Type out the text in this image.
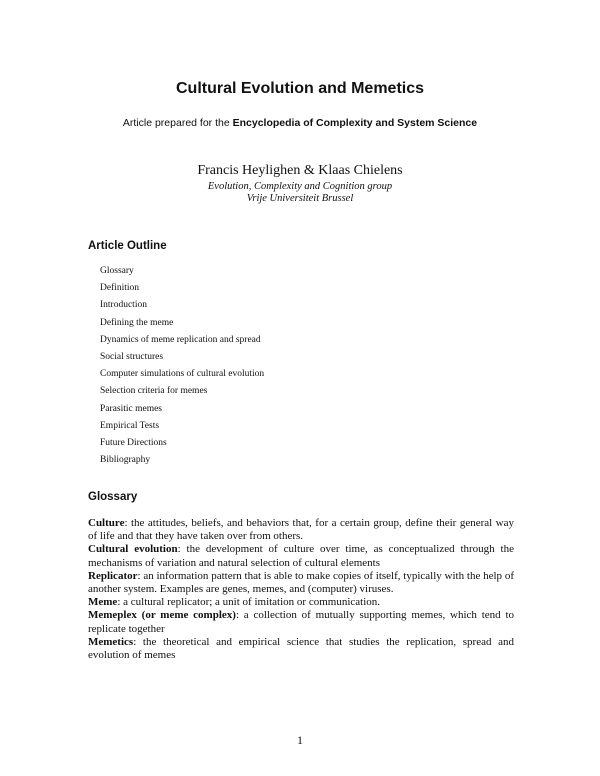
Cultural Evolution and Memetics
Article prepared for the Encyclopedia of Complexity and System Science
Francis Heylighen & Klaas Chielens
Evolution, Complexity and Cognition group
Vrije Universiteit Brussel
Article Outline
Glossary
Definition
Introduction
Defining the meme
Dynamics of meme replication and spread
Social structures
Computer simulations of cultural evolution
Selection criteria for memes
Parasitic memes
Empirical Tests
Future Directions
Bibliography
Glossary
Culture: the attitudes, beliefs, and behaviors that, for a certain group, define their general way of life and that they have taken over from others.
Cultural evolution: the development of culture over time, as conceptualized through the mechanisms of variation and natural selection of cultural elements
Replicator: an information pattern that is able to make copies of itself, typically with the help of another system. Examples are genes, memes, and (computer) viruses.
Meme: a cultural replicator; a unit of imitation or communication.
Memeplex (or meme complex): a collection of mutually supporting memes, which tend to replicate together
Memetics: the theoretical and empirical science that studies the replication, spread and evolution of memes
1
